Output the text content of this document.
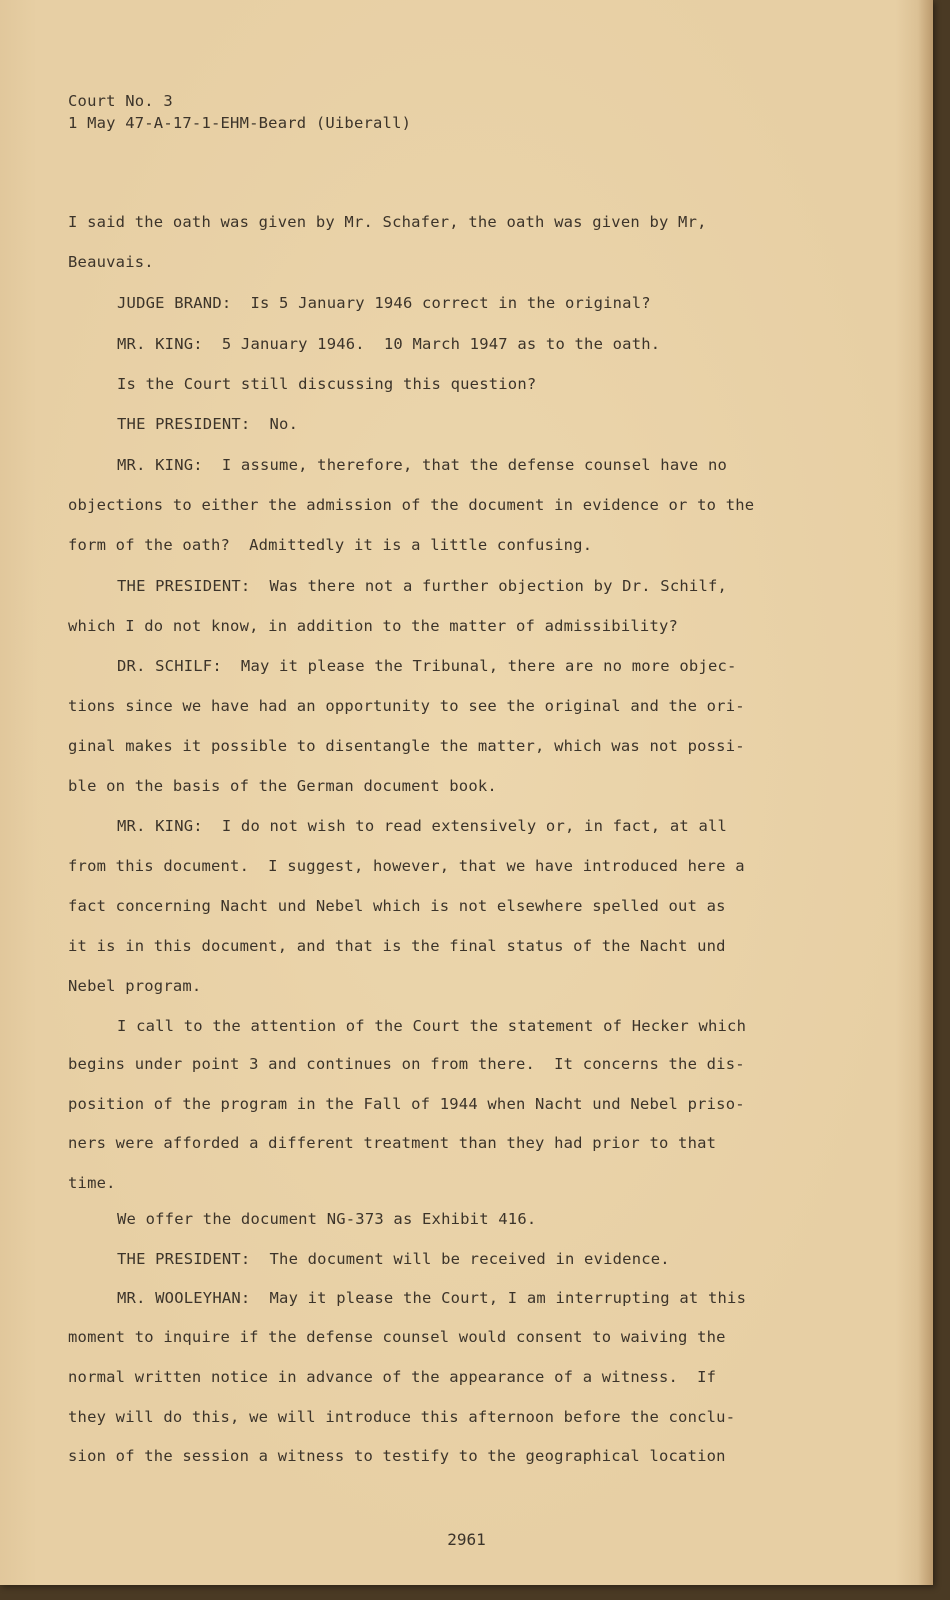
Court No. 3
1 May 47-A-17-1-EHM-Beard (Uiberall)
I said the oath was given by Mr. Schafer, the oath was given by Mr,
Beauvais.
JUDGE BRAND:  Is 5 January 1946 correct in the original?
MR. KING:  5 January 1946.  10 March 1947 as to the oath.
Is the Court still discussing this question?
THE PRESIDENT:  No.
MR. KING:  I assume, therefore, that the defense counsel have no
objections to either the admission of the document in evidence or to the
form of the oath?  Admittedly it is a little confusing.
THE PRESIDENT:  Was there not a further objection by Dr. Schilf,
which I do not know, in addition to the matter of admissibility?
DR. SCHILF:  May it please the Tribunal, there are no more objec-
tions since we have had an opportunity to see the original and the ori-
ginal makes it possible to disentangle the matter, which was not possi-
ble on the basis of the German document book.
MR. KING:  I do not wish to read extensively or, in fact, at all
from this document.  I suggest, however, that we have introduced here a
fact concerning Nacht und Nebel which is not elsewhere spelled out as
it is in this document, and that is the final status of the Nacht und
Nebel program.
I call to the attention of the Court the statement of Hecker which
begins under point 3 and continues on from there.  It concerns the dis-
position of the program in the Fall of 1944 when Nacht und Nebel priso-
ners were afforded a different treatment than they had prior to that
time.
We offer the document NG-373 as Exhibit 416.
THE PRESIDENT:  The document will be received in evidence.
MR. WOOLEYHAN:  May it please the Court, I am interrupting at this
moment to inquire if the defense counsel would consent to waiving the
normal written notice in advance of the appearance of a witness.  If
they will do this, we will introduce this afternoon before the conclu-
sion of the session a witness to testify to the geographical location
2961
